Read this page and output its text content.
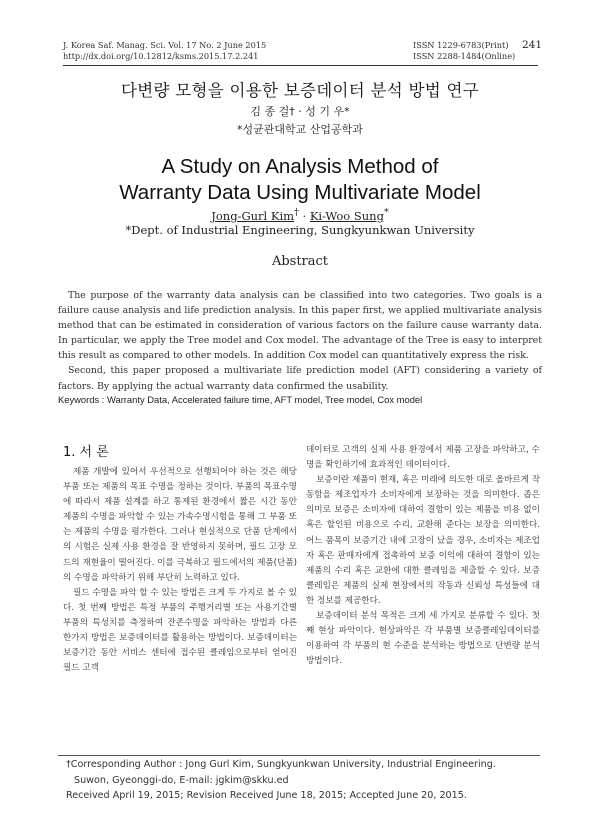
J. Korea Saf. Manag. Sci. Vol. 17 No. 2 June 2015
http://dx.doi.org/10.12812/ksms.2015.17.2.241
ISSN 1229-6783(Print)
ISSN 2288-1484(Online)
241
다변량 모형을 이용한 보증데이터 분석 방법 연구
김 종 걸† · 성 기 우*
*성균관대학교 산업공학과
A Study on Analysis Method of
Warranty Data Using Multivariate Model
Jong-Gurl Kim† · Ki-Woo Sung*
*Dept. of Industrial Engineering, Sungkyunkwan University
Abstract

The purpose of the warranty data analysis can be classified into two categories. Two goals is a failure cause analysis and life prediction analysis. In this paper first, we applied multivariate analysis method that can be estimated in consideration of various factors on the failure cause warranty data. In particular, we apply the Tree model and Cox model. The advantage of the Tree is easy to interpret this result as compared to other models. In addition Cox model can quantitatively express the risk.

Second, this paper proposed a multivariate life prediction model (AFT) considering a variety of factors. By applying the actual warranty data confirmed the usability.

Keywords : Warranty Data, Accelerated failure time, AFT model, Tree model, Cox model
1. 서 론

제품 개발에 있어서 우선적으로 선행되어야 하는 것은 해당 부품 또는 제품의 목표 수명을 정하는 것이다. 부품의 목표수명에 따라서 제품 설계를 하고 통제된 환경에서 짧은 시간 동안 제품의 수명을 파악할 수 있는 가속수명시험을 통해 그 부품 또는 제품의 수명을 평가한다. 그러나 현실적으로 단품 단계에서의 시험은 실제 사용 환경을 잘 반영하지 못하며, 필드 고장 모드의 재현율이 떨어진다. 이를 극복하고 필드에서의 제품(단품)의 수명을 파악하기 위해 부단히 노력하고 있다.

필드 수명을 파악 할 수 있는 방법은 크게 두 가지로 볼 수 있다. 첫 번째 방법은 특정 부품의 주행거리별 또는 사용기간별 부품의 특성치를 측정하여 잔존수명을 파악하는 방법과 다른 한가지 방법은 보증데이터를 활용하는 방법이다. 보증데이터는 보증기간 동안 서비스 센터에 접수된 클레임으로부터 얻어진 필드 고객

데이터로 고객의 실제 사용 환경에서 제품 고장을 파악하고, 수명을 확인하기에 효과적인 데이터이다.

보증이란 제품이 현재, 혹은 미래에 의도한 대로 올바르게 작동함을 제조업자가 소비자에게 보장하는 것을 의미한다. 좁은 의미로 보증은 소비자에 대하여 결함이 있는 제품을 비용 없이 혹은 할인된 비용으로 수리, 교환해 준다는 보장을 의미한다. 어느 품목이 보증기간 내에 고장이 났을 경우, 소비자는 제조업자 혹은 판매자에게 접촉하여 보증 이익에 대하여 결함이 있는 제품의 수리 혹은 교환에 대한 클레임을 제출할 수 있다. 보증 클레임은 제품의 실제 현장에서의 작동과 신뢰성 특성들에 대한 정보를 제공한다.

보증데이터 분석 목적은 크게 세 가지로 분류할 수 있다. 첫째 현상 파악이다. 현상파악은 각 부품별 보증클레임데이터를 이용하여 각 부품의 현 수준을 분석하는 방법으로 단변량 분석 방법이다.

†Corresponding Author : Jong Gurl Kim, Sungkyunkwan University, Industrial Engineering.

Suwon, Gyeonggi-do, E-mail: jgkim@skku.ed

Received April 19, 2015; Revision Received June 18, 2015; Accepted June 20, 2015.
